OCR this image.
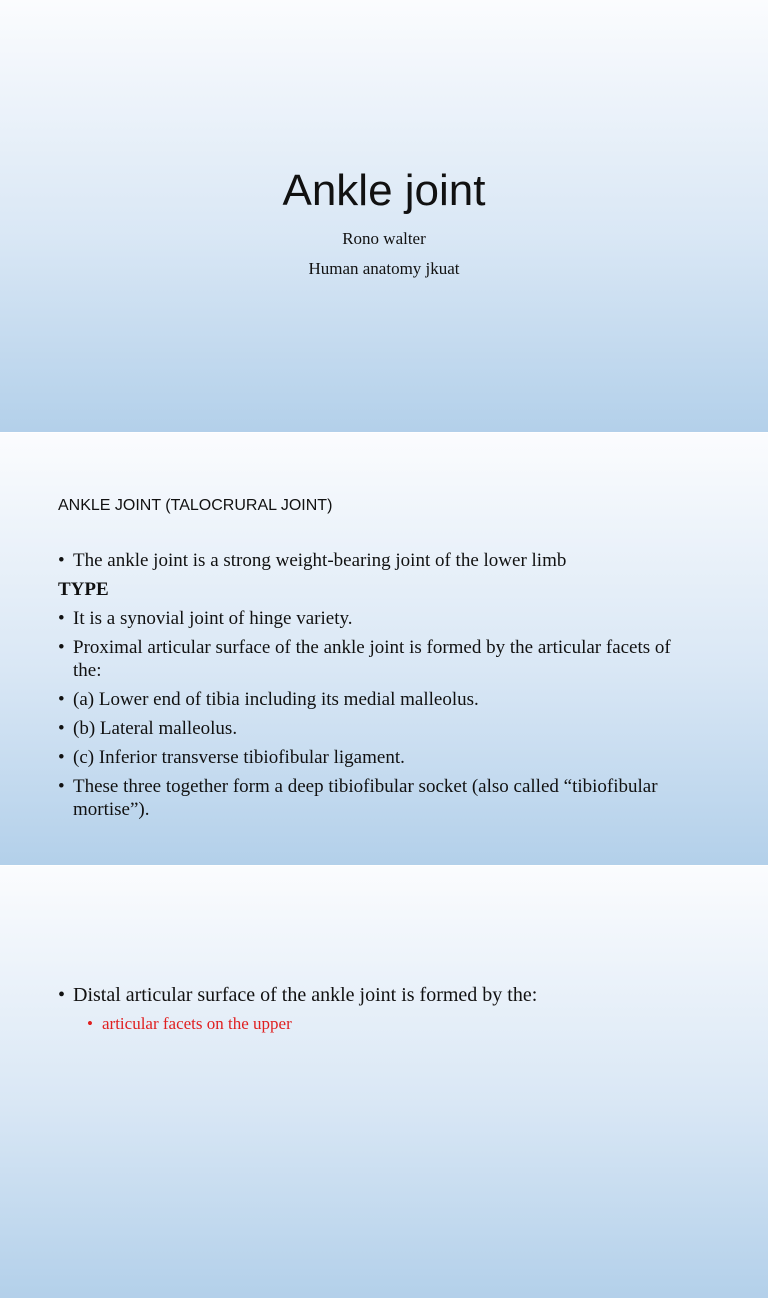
Ankle joint
Rono walter
Human anatomy jkuat
ANKLE JOINT (TALOCRURAL JOINT)
• The ankle joint is a strong weight-bearing joint of the lower limb
TYPE
• It is a synovial joint of hinge variety.
• Proximal articular surface of the ankle joint is formed by the articular facets of the:
• (a) Lower end of tibia including its medial malleolus.
• (b) Lateral malleolus.
• (c) Inferior transverse tibiofibular ligament.
• These three together form a deep tibiofibular socket (also called “tibiofibular mortise”).
• Distal articular surface of the ankle joint is formed by the:
• articular facets on the upper
